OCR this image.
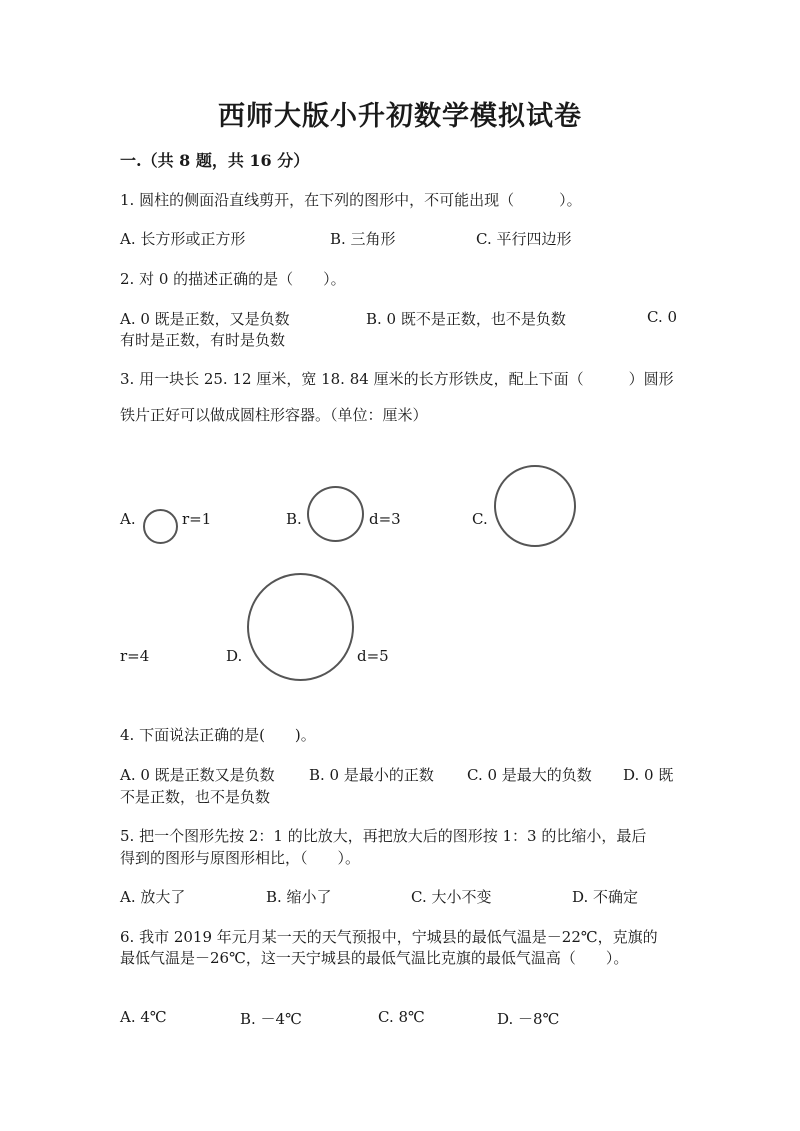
西师大版小升初数学模拟试卷
一.（共 8 题，共 16 分）
1. 圆柱的侧面沿直线剪开，在下列的图形中，不可能出现（　　　）。
A. 长方形或正方形	B. 三角形	C. 平行四边形
2. 对 0 的描述正确的是（　　）。
A. 0 既是正数，又是负数	B. 0 既不是正数，也不是负数	C. 0
有时是正数，有时是负数
3. 用一块长 25. 12 厘米，宽 18. 84 厘米的长方形铁皮，配上下面（　　　）圆形
铁片正好可以做成圆柱形容器。（单位：厘米）
A.	r=1	B.	d=3	C.
r=4	D.	d=5
4. 下面说法正确的是(　　)。
A. 0 既是正数又是负数 B. 0 是最小的正数 C. 0 是最大的负数 D. 0 既
不是正数，也不是负数
5. 把一个图形先按 2：1 的比放大，再把放大后的图形按 1：3 的比缩小，最后
得到的图形与原图形相比，（　　）。
A. 放大了	B. 缩小了	C. 大小不变	D. 不确定
6. 我市 2019 年元月某一天的天气预报中，宁城县的最低气温是－22℃，克旗的
最低气温是－26℃，这一天宁城县的最低气温比克旗的最低气温高（　　）。
A. 4℃	B. －4℃	C. 8℃	D. －8℃
